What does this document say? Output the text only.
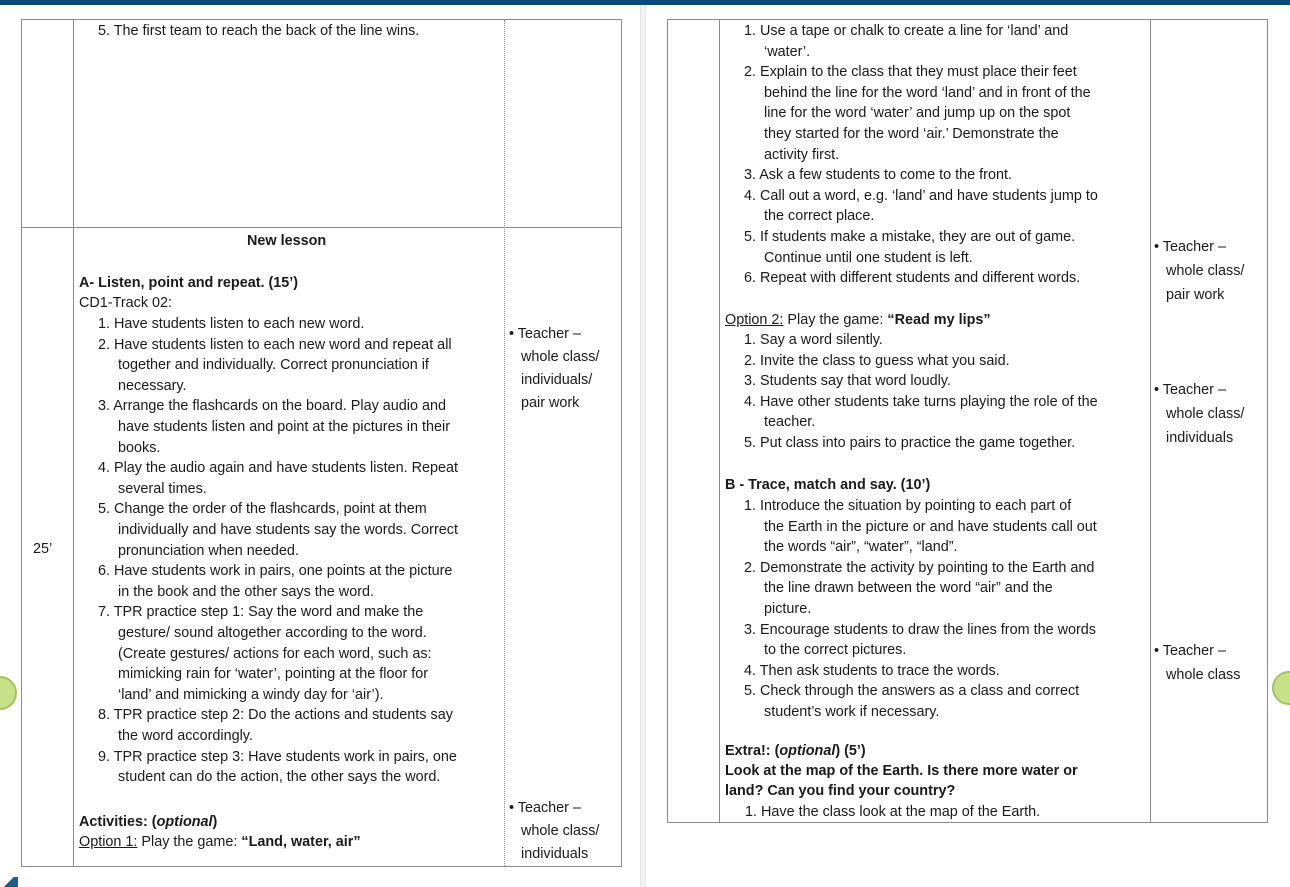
5. The first team to reach the back of the line wins.
New lesson
A- Listen, point and repeat. (15’)
CD1-Track 02:
1. Have students listen to each new word.
2. Have students listen to each new word and repeat all
together and individually. Correct pronunciation if
necessary.
3. Arrange the flashcards on the board. Play audio and
have students listen and point at the pictures in their
books.
4. Play the audio again and have students listen. Repeat
several times.
5. Change the order of the flashcards, point at them
individually and have students say the words. Correct
pronunciation when needed.
6. Have students work in pairs, one points at the picture
in the book and the other says the word.
7. TPR practice step 1: Say the word and make the
gesture/ sound altogether according to the word.
(Create gestures/ actions for each word, such as:
mimicking rain for ‘water’, pointing at the floor for
‘land’ and mimicking a windy day for ‘air’).
8. TPR practice step 2: Do the actions and students say
the word accordingly.
9. TPR practice step 3: Have students work in pairs, one
student can do the action, the other says the word.
25’
Activities: (optional)
Option 1: Play the game: “Land, water, air”
• Teacher –
whole class/
individuals/
pair work
• Teacher –
whole class/
individuals
1. Use a tape or chalk to create a line for ‘land’ and
‘water’.
2. Explain to the class that they must place their feet
behind the line for the word ‘land’ and in front of the
line for the word ‘water’ and jump up on the spot
they started for the word ‘air.’ Demonstrate the
activity first.
3. Ask a few students to come to the front.
4. Call out a word, e.g. ‘land’ and have students jump to
the correct place.
5. If students make a mistake, they are out of game.
Continue until one student is left.
6. Repeat with different students and different words.
Option 2: Play the game: “Read my lips”
1. Say a word silently.
2. Invite the class to guess what you said.
3. Students say that word loudly.
4. Have other students take turns playing the role of the
teacher.
5. Put class into pairs to practice the game together.
B - Trace, match and say. (10’)
1. Introduce the situation by pointing to each part of
the Earth in the picture or and have students call out
the words “air”, “water”, “land”.
2. Demonstrate the activity by pointing to the Earth and
the line drawn between the word “air” and the
picture.
3. Encourage students to draw the lines from the words
to the correct pictures.
4. Then ask students to trace the words.
5. Check through the answers as a class and correct
student’s work if necessary.
Extra!: (optional) (5’)
Look at the map of the Earth. Is there more water or
land? Can you find your country?
1. Have the class look at the map of the Earth.
• Teacher –
whole class/
pair work
• Teacher –
whole class/
individuals
• Teacher –
whole class
